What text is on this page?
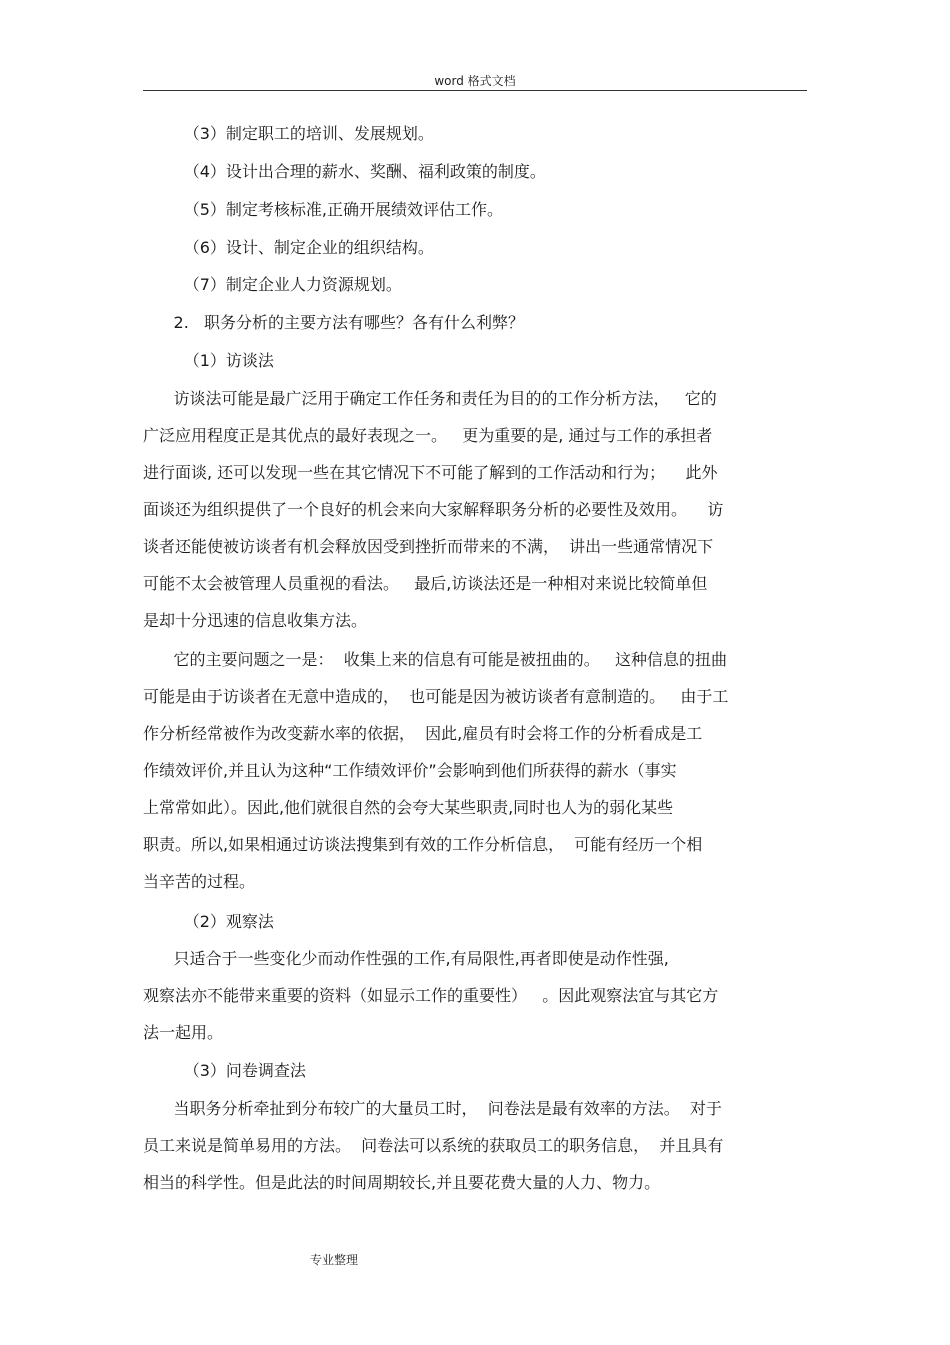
word 格式文档
（3）制定职工的培训、发展规划。
（4）设计出合理的薪水、奖酬、福利政策的制度。
（5）制定考核标准,正确开展绩效评估工作。
（6）设计、制定企业的组织结构。
（7）制定企业人力资源规划。
2.   职务分析的主要方法有哪些？各有什么利弊？
（1）访谈法
访谈法可能是最广泛用于确定工作任务和责任为目的的工作分析方法，   它的
广泛应用程度正是其优点的最好表现之一。   更为重要的是, 通过与工作的承担者
进行面谈, 还可以发现一些在其它情况下不可能了解到的工作活动和行为；    此外
面谈还为组织提供了一个良好的机会来向大家解释职务分析的必要性及效用。    访
谈者还能使被访谈者有机会释放因受到挫折而带来的不满，  讲出一些通常情况下
可能不太会被管理人员重视的看法。   最后,访谈法还是一种相对来说比较简单但
是却十分迅速的信息收集方法。
它的主要问题之一是：  收集上来的信息有可能是被扭曲的。   这种信息的扭曲
可能是由于访谈者在无意中造成的，  也可能是因为被访谈者有意制造的。   由于工
作分析经常被作为改变薪水率的依据，  因此,雇员有时会将工作的分析看成是工
作绩效评价,并且认为这种“工作绩效评价”会影响到他们所获得的薪水（事实
上常常如此）。因此,他们就很自然的会夸大某些职责,同时也人为的弱化某些
职责。所以,如果相通过访谈法搜集到有效的工作分析信息，  可能有经历一个相
当辛苦的过程。
（2）观察法
只适合于一些变化少而动作性强的工作,有局限性,再者即使是动作性强,
观察法亦不能带来重要的资料（如显示工作的重要性）   。因此观察法宜与其它方
法一起用。
（3）问卷调查法
当职务分析牵扯到分布较广的大量员工时，  问卷法是最有效率的方法。  对于
员工来说是简单易用的方法。  问卷法可以系统的获取员工的职务信息，  并且具有
相当的科学性。但是此法的时间周期较长,并且要花费大量的人力、物力。
专业整理
